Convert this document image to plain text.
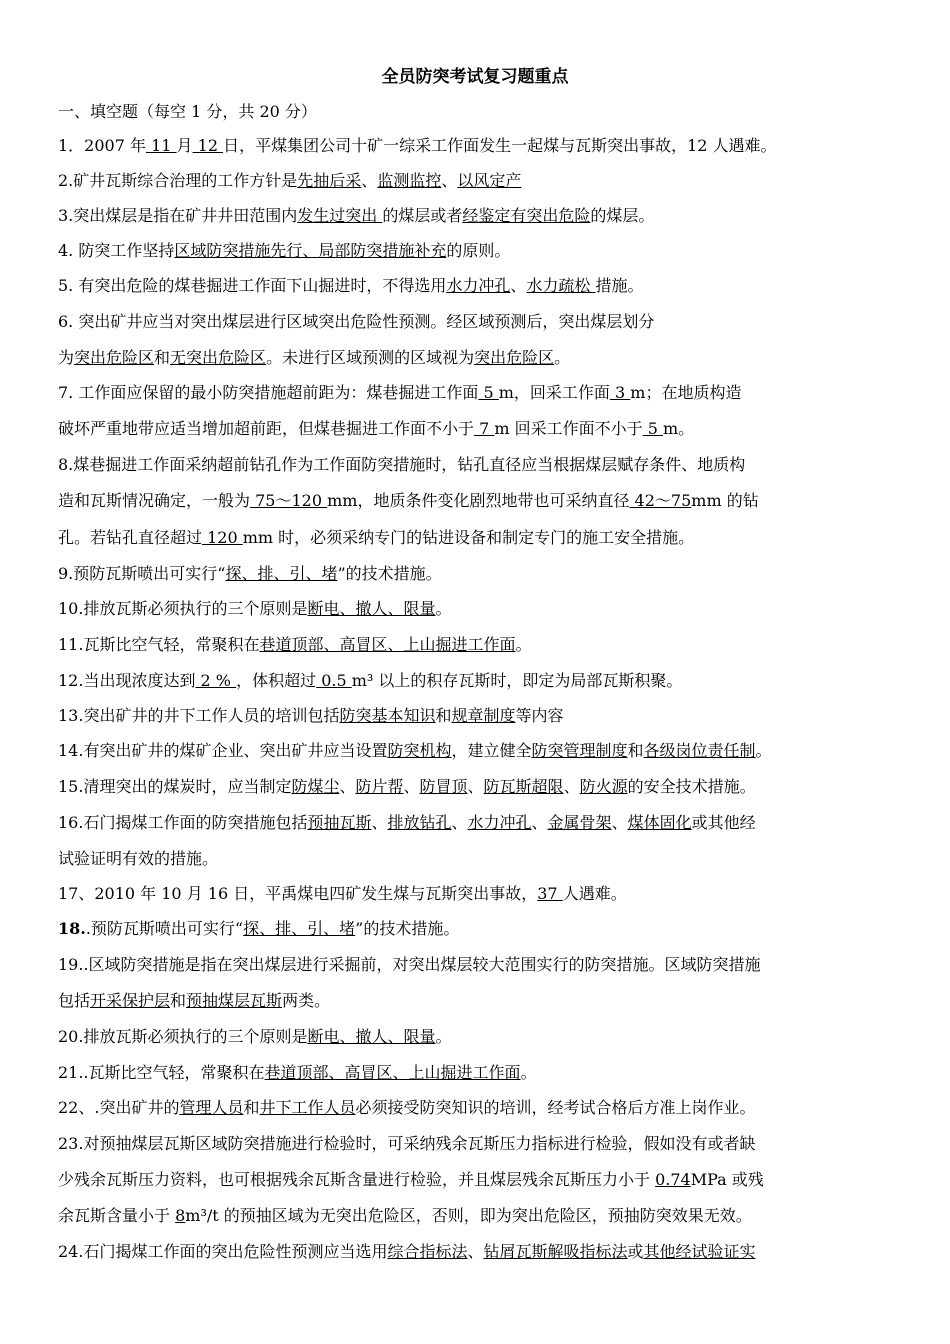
全员防突考试复习题重点
一、填空题（每空 1 分，共 20 分）
1．2007 年 11 月 12 日，平煤集团公司十矿一综采工作面发生一起煤与瓦斯突出事故，12 人遇难。
2.矿井瓦斯综合治理的工作方针是先抽后采、监测监控、以风定产
3.突出煤层是指在矿井井田范围内发生过突出 的煤层或者经鉴定有突出危险的煤层。
4. 防突工作坚持区域防突措施先行、局部防突措施补充的原则。
5. 有突出危险的煤巷掘进工作面下山掘进时，不得选用水力冲孔、水力疏松 措施。
6. 突出矿井应当对突出煤层进行区域突出危险性预测。经区域预测后，突出煤层划分
为突出危险区和无突出危险区。未进行区域预测的区域视为突出危险区。
7. 工作面应保留的最小防突措施超前距为：煤巷掘进工作面 5 m，回采工作面 3 m；在地质构造
破坏严重地带应适当增加超前距，但煤巷掘进工作面不小于 7 m 回采工作面不小于 5 m。
8.煤巷掘进工作面采纳超前钻孔作为工作面防突措施时，钻孔直径应当根据煤层赋存条件、地质构
造和瓦斯情况确定，一般为 75～120 mm，地质条件变化剧烈地带也可采纳直径 42～75mm 的钻
孔。若钻孔直径超过 120 mm 时，必须采纳专门的钻进设备和制定专门的施工安全措施。
9.预防瓦斯喷出可实行“探、排、引、堵”的技术措施。
10.排放瓦斯必须执行的三个原则是断电、撤人、限量。
11.瓦斯比空气轻，常聚积在巷道顶部、高冒区、上山掘进工作面。
12.当出现浓度达到 2 % ，体积超过 0.5 m³ 以上的积存瓦斯时，即定为局部瓦斯积聚。
13.突出矿井的井下工作人员的培训包括防突基本知识和规章制度等内容
14.有突出矿井的煤矿企业、突出矿井应当设置防突机构，建立健全防突管理制度和各级岗位责任制。
15.清理突出的煤炭时，应当制定防煤尘、防片帮、防冒顶、防瓦斯超限、防火源的安全技术措施。
16.石门揭煤工作面的防突措施包括预抽瓦斯、排放钻孔、水力冲孔、金属骨架、煤体固化或其他经
试验证明有效的措施。
17、2010 年 10 月 16 日，平禹煤电四矿发生煤与瓦斯突出事故，37 人遇难。
18..预防瓦斯喷出可实行“探、排、引、堵”的技术措施。
19..区域防突措施是指在突出煤层进行采掘前，对突出煤层较大范围实行的防突措施。区域防突措施
包括开采保护层和预抽煤层瓦斯两类。
20.排放瓦斯必须执行的三个原则是断电、撤人、限量。
21..瓦斯比空气轻，常聚积在巷道顶部、高冒区、上山掘进工作面。
22、.突出矿井的管理人员和井下工作人员必须接受防突知识的培训，经考试合格后方准上岗作业。
23.对预抽煤层瓦斯区域防突措施进行检验时，可采纳残余瓦斯压力指标进行检验，假如没有或者缺
少残余瓦斯压力资料，也可根据残余瓦斯含量进行检验，并且煤层残余瓦斯压力小于 0.74MPa 或残
余瓦斯含量小于 8m³/t 的预抽区域为无突出危险区，否则，即为突出危险区，预抽防突效果无效。
24.石门揭煤工作面的突出危险性预测应当选用综合指标法、钻屑瓦斯解吸指标法或其他经试验证实
